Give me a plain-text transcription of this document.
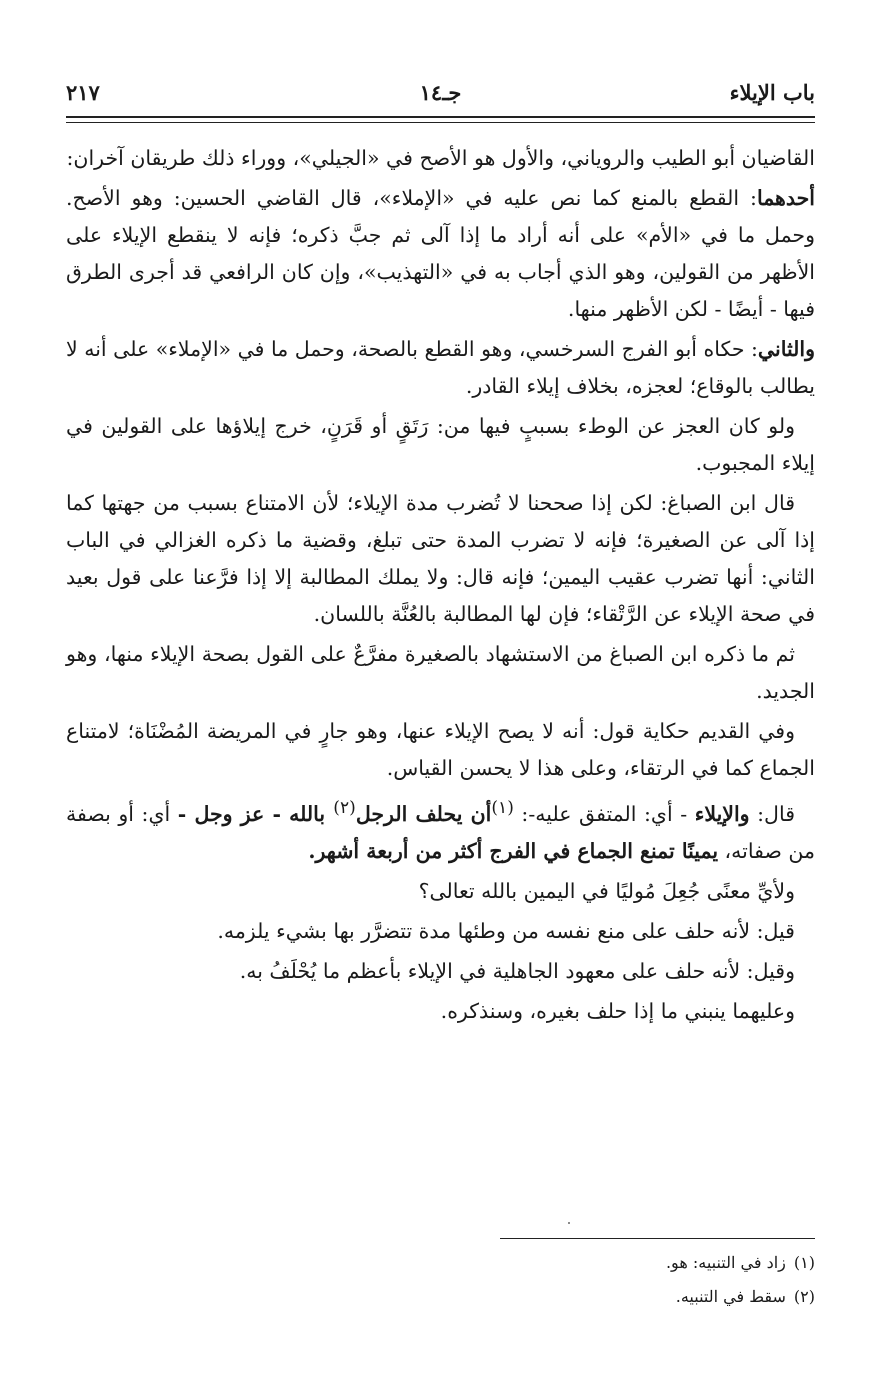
باب الإيلاء
جـ١٤
٢١٧

القاضيان أبو الطيب والروياني، والأول هو الأصح في «الجيلي»، ووراء ذلك طريقان آخران:

أحدهما: القطع بالمنع كما نص عليه في «الإملاء»، قال القاضي الحسين: وهو الأصح. وحمل ما في «الأم» على أنه أراد ما إذا آلى ثم جبَّ ذكره؛ فإنه لا ينقطع الإيلاء على الأظهر من القولين، وهو الذي أجاب به في «التهذيب»، وإن كان الرافعي قد أجرى الطرق فيها - أيضًا - لكن الأظهر منها.

والثاني: حكاه أبو الفرج السرخسي، وهو القطع بالصحة، وحمل ما في «الإملاء» على أنه لا يطالب بالوقاع؛ لعجزه، بخلاف إيلاء القادر.

ولو كان العجز عن الوطء بسببٍ فيها من: رَتَقٍ أو قَرَنٍ، خرج إيلاؤها على القولين في إيلاء المجبوب.

قال ابن الصباغ: لكن إذا صححنا لا تُضرب مدة الإيلاء؛ لأن الامتناع بسبب من جهتها كما إذا آلى عن الصغيرة؛ فإنه لا تضرب المدة حتى تبلغ، وقضية ما ذكره الغزالي في الباب الثاني: أنها تضرب عقيب اليمين؛ فإنه قال: ولا يملك المطالبة إلا إذا فرَّعنا على قول بعيد في صحة الإيلاء عن الرَّتْقاء؛ فإن لها المطالبة بالعُنَّة باللسان.

ثم ما ذكره ابن الصباغ من الاستشهاد بالصغيرة مفرَّعٌ على القول بصحة الإيلاء منها، وهو الجديد.

وفي القديم حكاية قول: أنه لا يصح الإيلاء عنها، وهو جارٍ في المريضة المُضْنَاة؛ لامتناع الجماع كما في الرتقاء، وعلى هذا لا يحسن القياس.

قال: والإيلاء - أي: المتفق عليه-: $^{(١)}$أن يحلف الرجل$^{(٢)}$ بالله - عز وجل - أي: أو بصفة من صفاته، يمينًا تمنع الجماع في الفرج أكثر من أربعة أشهر.

ولأيِّ معنًى جُعِلَ مُوليًا في اليمين بالله تعالى؟

قيل: لأنه حلف على منع نفسه من وطئها مدة تتضرَّر بها بشيء يلزمه.

وقيل: لأنه حلف على معهود الجاهلية في الإيلاء بأعظم ما يُحْلَفُ به.

وعليهما ينبني ما إذا حلف بغيره، وسنذكره.

(١)زاد في التنبيه: هو.

(٢)سقط في التنبيه.
